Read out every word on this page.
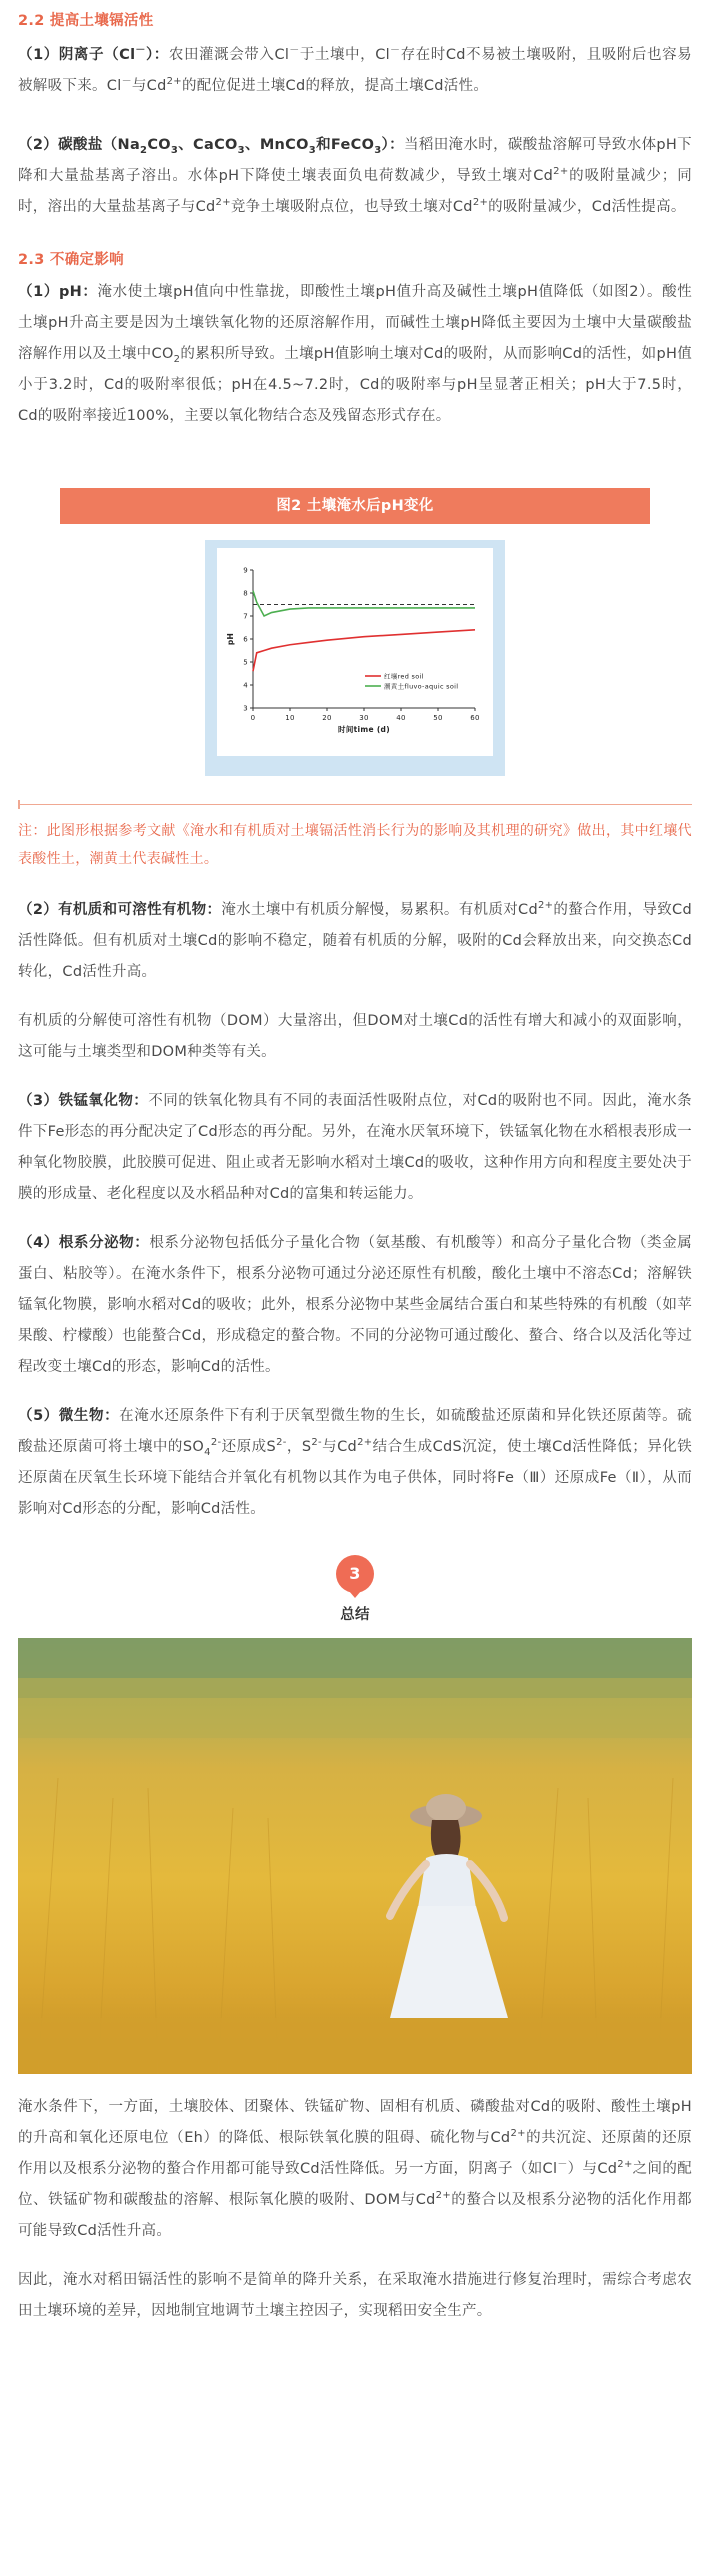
2.2 提高土壤镉活性

（1）阴离子（Cl－）：农田灌溉会带入Cl－于土壤中，Cl－存在时Cd不易被土壤吸附，且吸附后也容易被解吸下来。Cl－与$Cd^{2+}$的配位促进土壤Cd的释放，提高土壤Cd活性。

（2）碳酸盐（$Na_2CO_3$、CaCO$_3$、MnCO$_3$和FeCO$_3$）：当稻田淹水时，碳酸盐溶解可导致水体pH下降和大量盐基离子溶出。水体pH下降使土壤表面负电荷数减少，导致土壤对$Cd^{2+}$的吸附量减少；同时，溶出的大量盐基离子与$Cd^{2+}$竞争土壤吸附点位，也导致土壤对$Cd^{2+}$的吸附量减少，Cd活性提高。

2.3 不确定影响

（1）pH：淹水使土壤pH值向中性靠拢，即酸性土壤pH值升高及碱性土壤pH值降低（如图2）。酸性土壤pH升高主要是因为土壤铁氧化物的还原溶解作用，而碱性土壤pH降低主要因为土壤中大量碳酸盐溶解作用以及土壤中$CO_2$的累积所导致。土壤pH值影响土壤对Cd的吸附，从而影响Cd的活性，如pH值小于3.2时，Cd的吸附率很低；pH在4.5~7.2时，Cd的吸附率与pH呈显著正相关；pH大于7.5时，Cd的吸附率接近100%，主要以氧化物结合态及残留态形式存在。

图2 土壤淹水后pH变化
0	10	20	30	40	50	60
3
4
5
6
7
8
9
时间time (d)
pH
红壤red soil
潮黄土fluvo-aquic soil

注：此图形根据参考文献《淹水和有机质对土壤镉活性消长行为的影响及其机理的研究》做出，其中红壤代表酸性土，潮黄土代表碱性土。

（2）有机质和可溶性有机物：淹水土壤中有机质分解慢，易累积。有机质对$Cd^{2+}$的螯合作用，导致Cd活性降低。但有机质对土壤Cd的影响不稳定，随着有机质的分解，吸附的Cd会释放出来，向交换态Cd转化，Cd活性升高。

有机质的分解使可溶性有机物（DOM）大量溶出，但DOM对土壤Cd的活性有增大和减小的双面影响，这可能与土壤类型和DOM种类等有关。

（3）铁锰氧化物：不同的铁氧化物具有不同的表面活性吸附点位，对Cd的吸附也不同。因此，淹水条件下Fe形态的再分配决定了Cd形态的再分配。另外，在淹水厌氧环境下，铁锰氧化物在水稻根表形成一种氧化物胶膜，此胶膜可促进、阻止或者无影响水稻对土壤Cd的吸收，这种作用方向和程度主要处决于膜的形成量、老化程度以及水稻品种对Cd的富集和转运能力。

（4）根系分泌物：根系分泌物包括低分子量化合物（氨基酸、有机酸等）和高分子量化合物（类金属蛋白、粘胶等）。在淹水条件下，根系分泌物可通过分泌还原性有机酸，酸化土壤中不溶态Cd；溶解铁锰氧化物膜，影响水稻对Cd的吸收；此外，根系分泌物中某些金属结合蛋白和某些特殊的有机酸（如苹果酸、柠檬酸）也能螯合Cd，形成稳定的螯合物。不同的分泌物可通过酸化、螯合、络合以及活化等过程改变土壤Cd的形态，影响Cd的活性。

（5）微生物：在淹水还原条件下有利于厌氧型微生物的生长，如硫酸盐还原菌和异化铁还原菌等。硫酸盐还原菌可将土壤中的$SO_4^{2-}$还原成$S^{2-}$，$S^{2-}$与$Cd^{2+}$结合生成CdS沉淀，使土壤Cd活性降低；异化铁还原菌在厌氧生长环境下能结合并氧化有机物以其作为电子供体，同时将Fe（Ⅲ）还原成Fe（Ⅱ），从而影响对Cd形态的分配，影响Cd活性。

3
总结

淹水条件下，一方面，土壤胶体、团聚体、铁锰矿物、固相有机质、磷酸盐对Cd的吸附、酸性土壤pH的升高和氧化还原电位（Eh）的降低、根际铁氧化膜的阻碍、硫化物与$Cd^{2+}$的共沉淀、还原菌的还原作用以及根系分泌物的螯合作用都可能导致Cd活性降低。另一方面，阴离子（如Cl－）与$Cd^{2+}$之间的配位、铁锰矿物和碳酸盐的溶解、根际氧化膜的吸附、DOM与$Cd^{2+}$的螯合以及根系分泌物的活化作用都可能导致Cd活性升高。

因此，淹水对稻田镉活性的影响不是简单的降升关系，在采取淹水措施进行修复治理时，需综合考虑农田土壤环境的差异，因地制宜地调节土壤主控因子，实现稻田安全生产。
